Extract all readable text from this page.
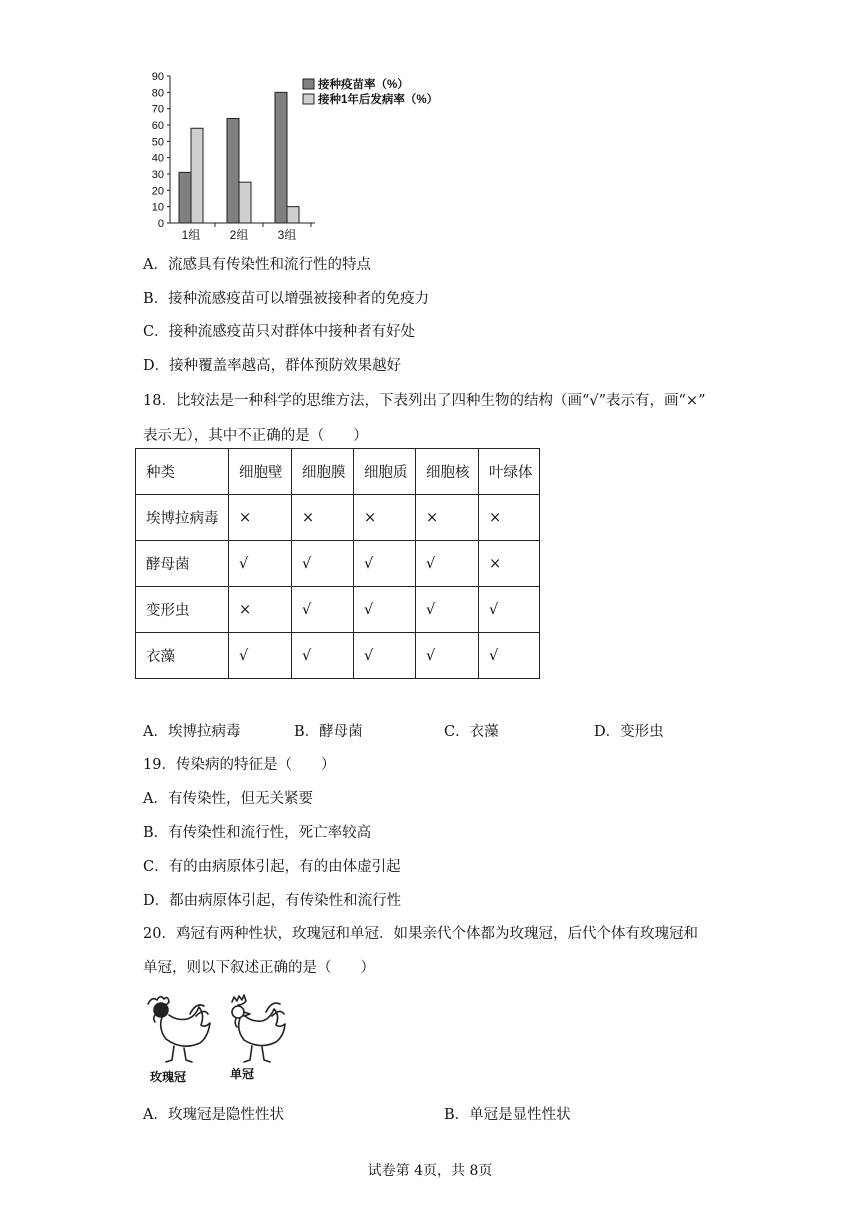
0
10
20
30
40
50
60
70
80
90
1组 2组 3组
接种疫苗率（%）
接种1年后发病率（%）
A．流感具有传染性和流行性的特点
B．接种流感疫苗可以增强被接种者的免疫力
C．接种流感疫苗只对群体中接种者有好处
D．接种覆盖率越高，群体预防效果越好
18．比较法是一种科学的思维方法，下表列出了四种生物的结构（画“√”表示有，画“×”
表示无），其中不正确的是（　　）
种类	细胞壁	细胞膜	细胞质	细胞核	叶绿体
埃博拉病毒	×	×	×	×	×
酵母菌	√	√	√	√	×
变形虫	×	√	√	√	√
衣藻	√	√	√	√	√
A．埃博拉病毒	B．酵母菌	C．衣藻	D．变形虫
19．传染病的特征是（　　）
A．有传染性，但无关紧要
B．有传染性和流行性，死亡率较高
C．有的由病原体引起，有的由体虚引起
D．都由病原体引起，有传染性和流行性
20．鸡冠有两种性状，玫瑰冠和单冠．如果亲代个体都为玫瑰冠，后代个体有玫瑰冠和
单冠，则以下叙述正确的是（　　）
玫瑰冠	单冠
A．玫瑰冠是隐性性状	B．单冠是显性性状
试卷第 4页，共 8页
